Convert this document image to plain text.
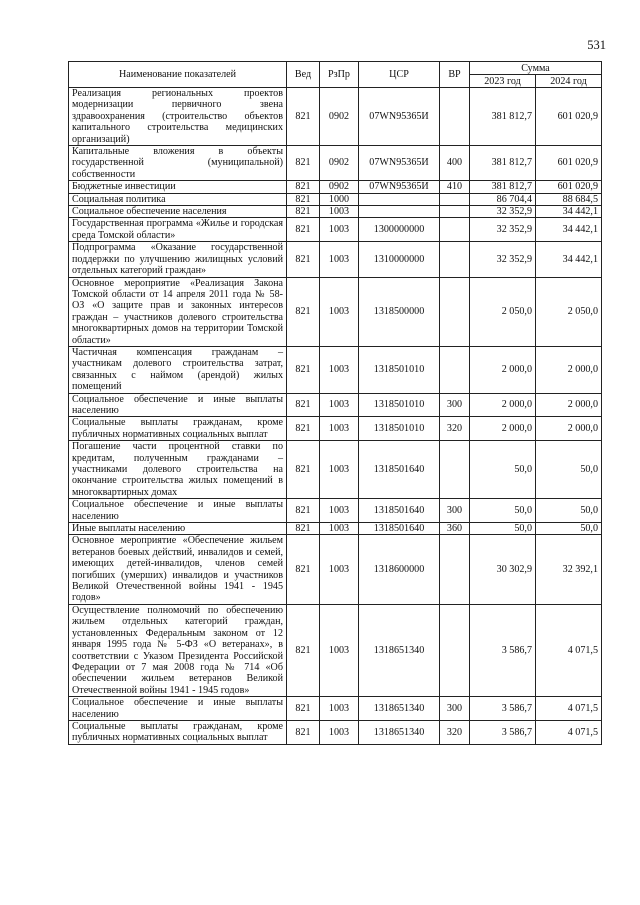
531
Наименование показателей	Вед	РзПр	ЦСР	ВР	Сумма	
					2023 год	2024 год
Реализация региональных проектов модернизации первичного звена здравоохранения (строительство объектов капитального строительства медицинских организаций)	821	0902	07WN95365И		381 812,7	601 020,9
Капитальные вложения в объекты государственной (муниципальной) собственности	821	0902	07WN95365И	400	381 812,7	601 020,9
Бюджетные инвестиции	821	0902	07WN95365И	410	381 812,7	601 020,9
Социальная политика	821	1000			86 704,4	88 684,5
Социальное обеспечение населения	821	1003			32 352,9	34 442,1
Государственная программа «Жилье и городская среда Томской области»	821	1003	1300000000		32 352,9	34 442,1
Подпрограмма «Оказание государственной поддержки по улучшению жилищных условий отдельных категорий граждан»	821	1003	1310000000		32 352,9	34 442,1
Основное мероприятие «Реализация Закона Томской области от 14 апреля 2011 года № 58-ОЗ «О защите прав и законных интересов граждан – участников долевого строительства многоквартирных домов на территории Томской области»	821	1003	1318500000		2 050,0	2 050,0
Частичная компенсация гражданам – участникам долевого строительства затрат, связанных с наймом (арендой) жилых помещений	821	1003	1318501010		2 000,0	2 000,0
Социальное обеспечение и иные выплаты населению	821	1003	1318501010	300	2 000,0	2 000,0
Социальные выплаты гражданам, кроме публичных нормативных социальных выплат	821	1003	1318501010	320	2 000,0	2 000,0
Погашение части процентной ставки по кредитам, полученным гражданами – участниками долевого строительства на окончание строительства жилых помещений в многоквартирных домах	821	1003	1318501640		50,0	50,0
Социальное обеспечение и иные выплаты населению	821	1003	1318501640	300	50,0	50,0
Иные выплаты населению	821	1003	1318501640	360	50,0	50,0
Основное мероприятие «Обеспечение жильем ветеранов боевых действий, инвалидов и семей, имеющих детей-инвалидов, членов семей погибших (умерших) инвалидов и участников Великой Отечественной войны 1941 - 1945 годов»	821	1003	1318600000		30 302,9	32 392,1
Осуществление полномочий по обеспечению жильем отдельных категорий граждан, установленных Федеральным законом от 12 января 1995 года № 5-ФЗ «О ветеранах», в соответствии с Указом Президента Российской Федерации от 7 мая 2008 года № 714 «Об обеспечении жильем ветеранов Великой Отечественной войны 1941 - 1945 годов»	821	1003	1318651340		3 586,7	4 071,5
Социальное обеспечение и иные выплаты населению	821	1003	1318651340	300	3 586,7	4 071,5
Социальные выплаты гражданам, кроме публичных нормативных социальных выплат	821	1003	1318651340	320	3 586,7	4 071,5
